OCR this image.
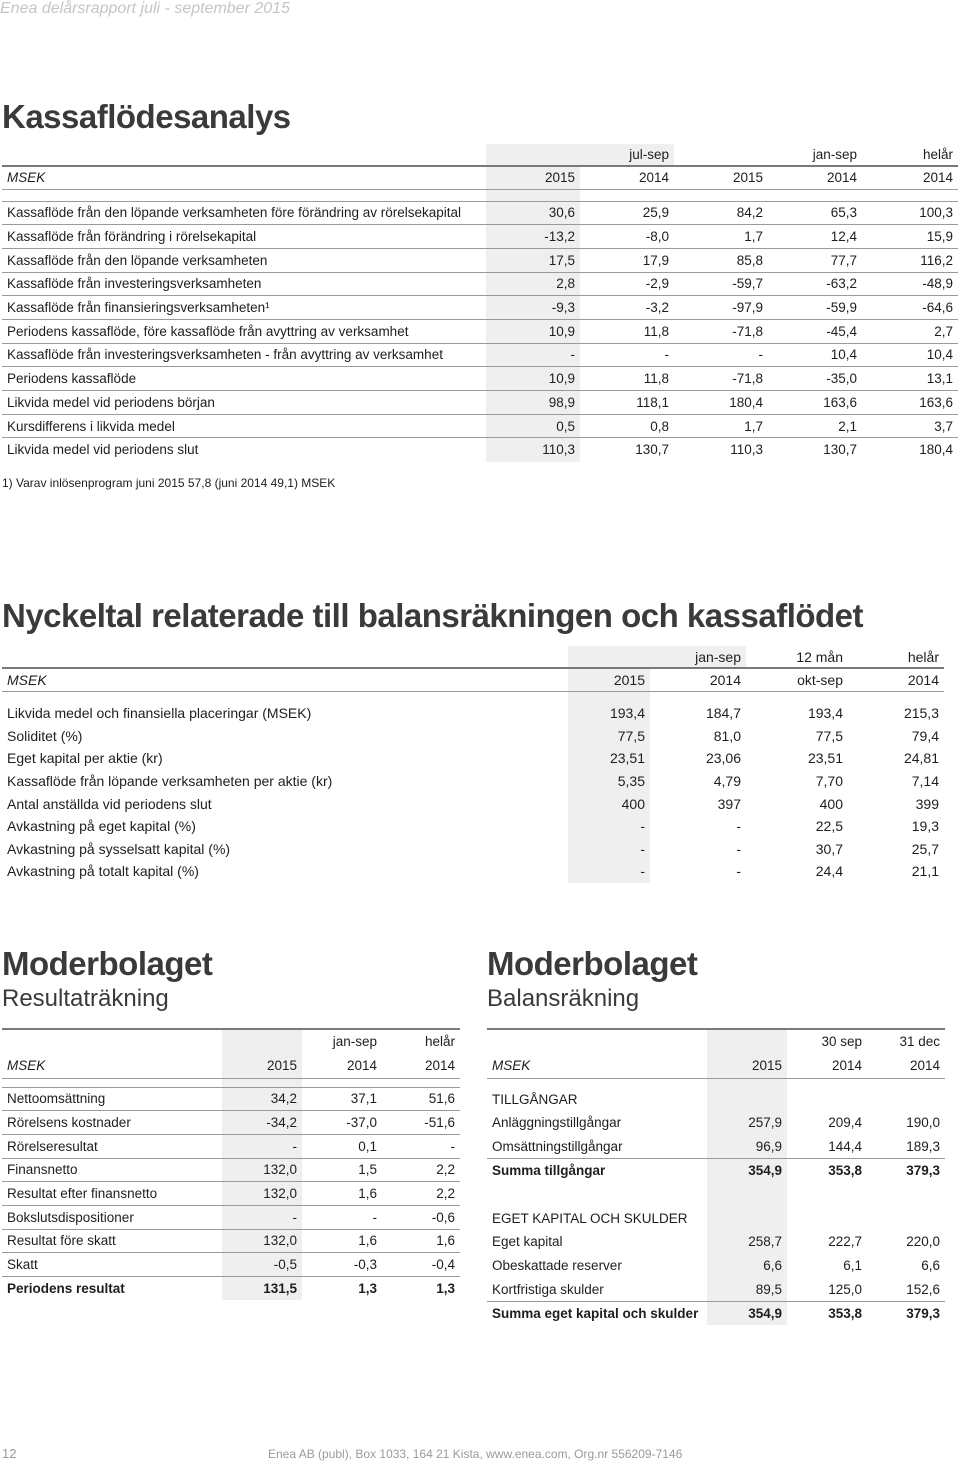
Enea delårsrapport juli - september 2015
Kassaflödesanalys
	jul-sep		jan-sep		helår
MSEK	2015	2014	2015	2014	2014

Kassaflöde från den löpande verksamheten före förändring av rörelsekapital	30,6	25,9	84,2	65,3	100,3
Kassaflöde från förändring i rörelsekapital	-13,2	-8,0	1,7	12,4	15,9
Kassaflöde från den löpande verksamheten	17,5	17,9	85,8	77,7	116,2
Kassaflöde från investeringsverksamheten	2,8	-2,9	-59,7	-63,2	-48,9
Kassaflöde från finansieringsverksamheten¹	-9,3	-3,2	-97,9	-59,9	-64,6
Periodens kassaflöde, före kassaflöde från avyttring av verksamhet	10,9	11,8	-71,8	-45,4	2,7
Kassaflöde från investeringsverksamheten - från avyttring av verksamhet	-	-	-	10,4	10,4
Periodens kassaflöde	10,9	11,8	-71,8	-35,0	13,1
Likvida medel vid periodens början	98,9	118,1	180,4	163,6	163,6
Kursdifferens i likvida medel	0,5	0,8	1,7	2,1	3,7
Likvida medel vid periodens slut	110,3	130,7	110,3	130,7	180,4
1) Varav inlösenprogram juni 2015 57,8 (juni 2014 49,1) MSEK
Nyckeltal relaterade till balansräkningen och kassaflödet
	jan-sep		12 mån	helår
MSEK	2015	2014	okt-sep	2014

Likvida medel och finansiella placeringar (MSEK)	193,4	184,7	193,4	215,3
Soliditet (%)	77,5	81,0	77,5	79,4
Eget kapital per aktie (kr)	23,51	23,06	23,51	24,81
Kassaflöde från löpande verksamheten per aktie (kr)	5,35	4,79	7,70	7,14
Antal anställda vid periodens slut	400	397	400	399
Avkastning på eget kapital (%)	-	-	22,5	19,3
Avkastning på sysselsatt kapital (%)	-	-	30,7	25,7
Avkastning på totalt kapital (%)	-	-	24,4	21,1
Moderbolaget
Resultaträkning
		jan-sep	helår
MSEK	2015	2014	2014

Nettoomsättning	34,2	37,1	51,6
Rörelsens kostnader	-34,2	-37,0	-51,6
Rörelseresultat	-	0,1	-
Finansnetto	132,0	1,5	2,2
Resultat efter finansnetto	132,0	1,6	2,2
Bokslutsdispositioner	-	-	-0,6
Resultat före skatt	132,0	1,6	1,6
Skatt	-0,5	-0,3	-0,4
Periodens resultat	131,5	1,3	1,3
Moderbolaget
Balansräkning
		30 sep	31 dec
MSEK	2015	2014	2014

TILLGÅNGAR			
Anläggningstillgångar	257,9	209,4	190,0
Omsättningstillgångar	96,9	144,4	189,3
Summa tillgångar	354,9	353,8	379,3

EGET KAPITAL OCH SKULDER			
Eget kapital	258,7	222,7	220,0
Obeskattade reserver	6,6	6,1	6,6
Kortfristiga skulder	89,5	125,0	152,6
Summa eget kapital och skulder	354,9	353,8	379,3
12	Enea AB (publ), Box 1033, 164 21 Kista, www.enea.com, Org.nr 556209-7146
